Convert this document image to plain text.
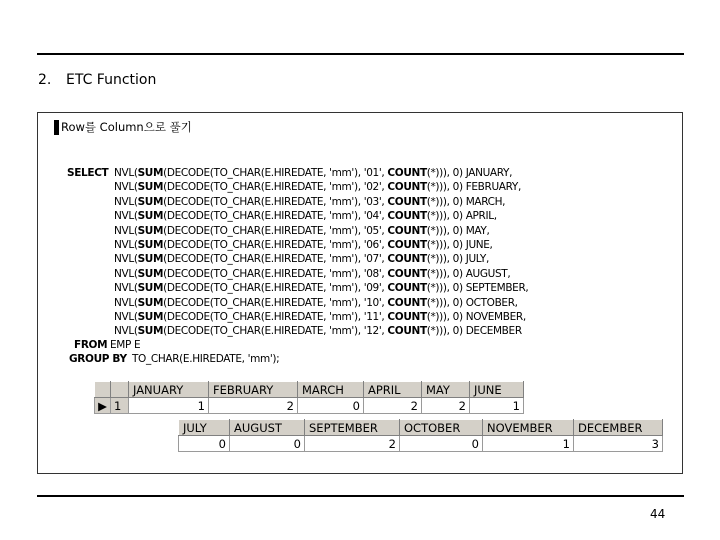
2. ETC Function
Row를 Column으로 풀기
SELECT
FROM EMP E
GROUP BY TO_CHAR(E.HIREDATE, 'mm');
NVL(SUM(DECODE(TO_CHAR(E.HIREDATE, 'mm'), '01', COUNT(*))), 0) JANUARY,
NVL(SUM(DECODE(TO_CHAR(E.HIREDATE, 'mm'), '02', COUNT(*))), 0) FEBRUARY,
NVL(SUM(DECODE(TO_CHAR(E.HIREDATE, 'mm'), '03', COUNT(*))), 0) MARCH,
NVL(SUM(DECODE(TO_CHAR(E.HIREDATE, 'mm'), '04', COUNT(*))), 0) APRIL,
NVL(SUM(DECODE(TO_CHAR(E.HIREDATE, 'mm'), '05', COUNT(*))), 0) MAY,
NVL(SUM(DECODE(TO_CHAR(E.HIREDATE, 'mm'), '06', COUNT(*))), 0) JUNE,
NVL(SUM(DECODE(TO_CHAR(E.HIREDATE, 'mm'), '07', COUNT(*))), 0) JULY,
NVL(SUM(DECODE(TO_CHAR(E.HIREDATE, 'mm'), '08', COUNT(*))), 0) AUGUST,
NVL(SUM(DECODE(TO_CHAR(E.HIREDATE, 'mm'), '09', COUNT(*))), 0) SEPTEMBER,
NVL(SUM(DECODE(TO_CHAR(E.HIREDATE, 'mm'), '10', COUNT(*))), 0) OCTOBER,
NVL(SUM(DECODE(TO_CHAR(E.HIREDATE, 'mm'), '11', COUNT(*))), 0) NOVEMBER,
NVL(SUM(DECODE(TO_CHAR(E.HIREDATE, 'mm'), '12', COUNT(*))), 0) DECEMBER
		JANUARY	FEBRUARY	MARCH	APRIL	MAY	JUNE
▶	1	1	2	0	2	2	1
JULY	AUGUST	SEPTEMBER	OCTOBER	NOVEMBER	DECEMBER
0	0	2	0	1	3
44
